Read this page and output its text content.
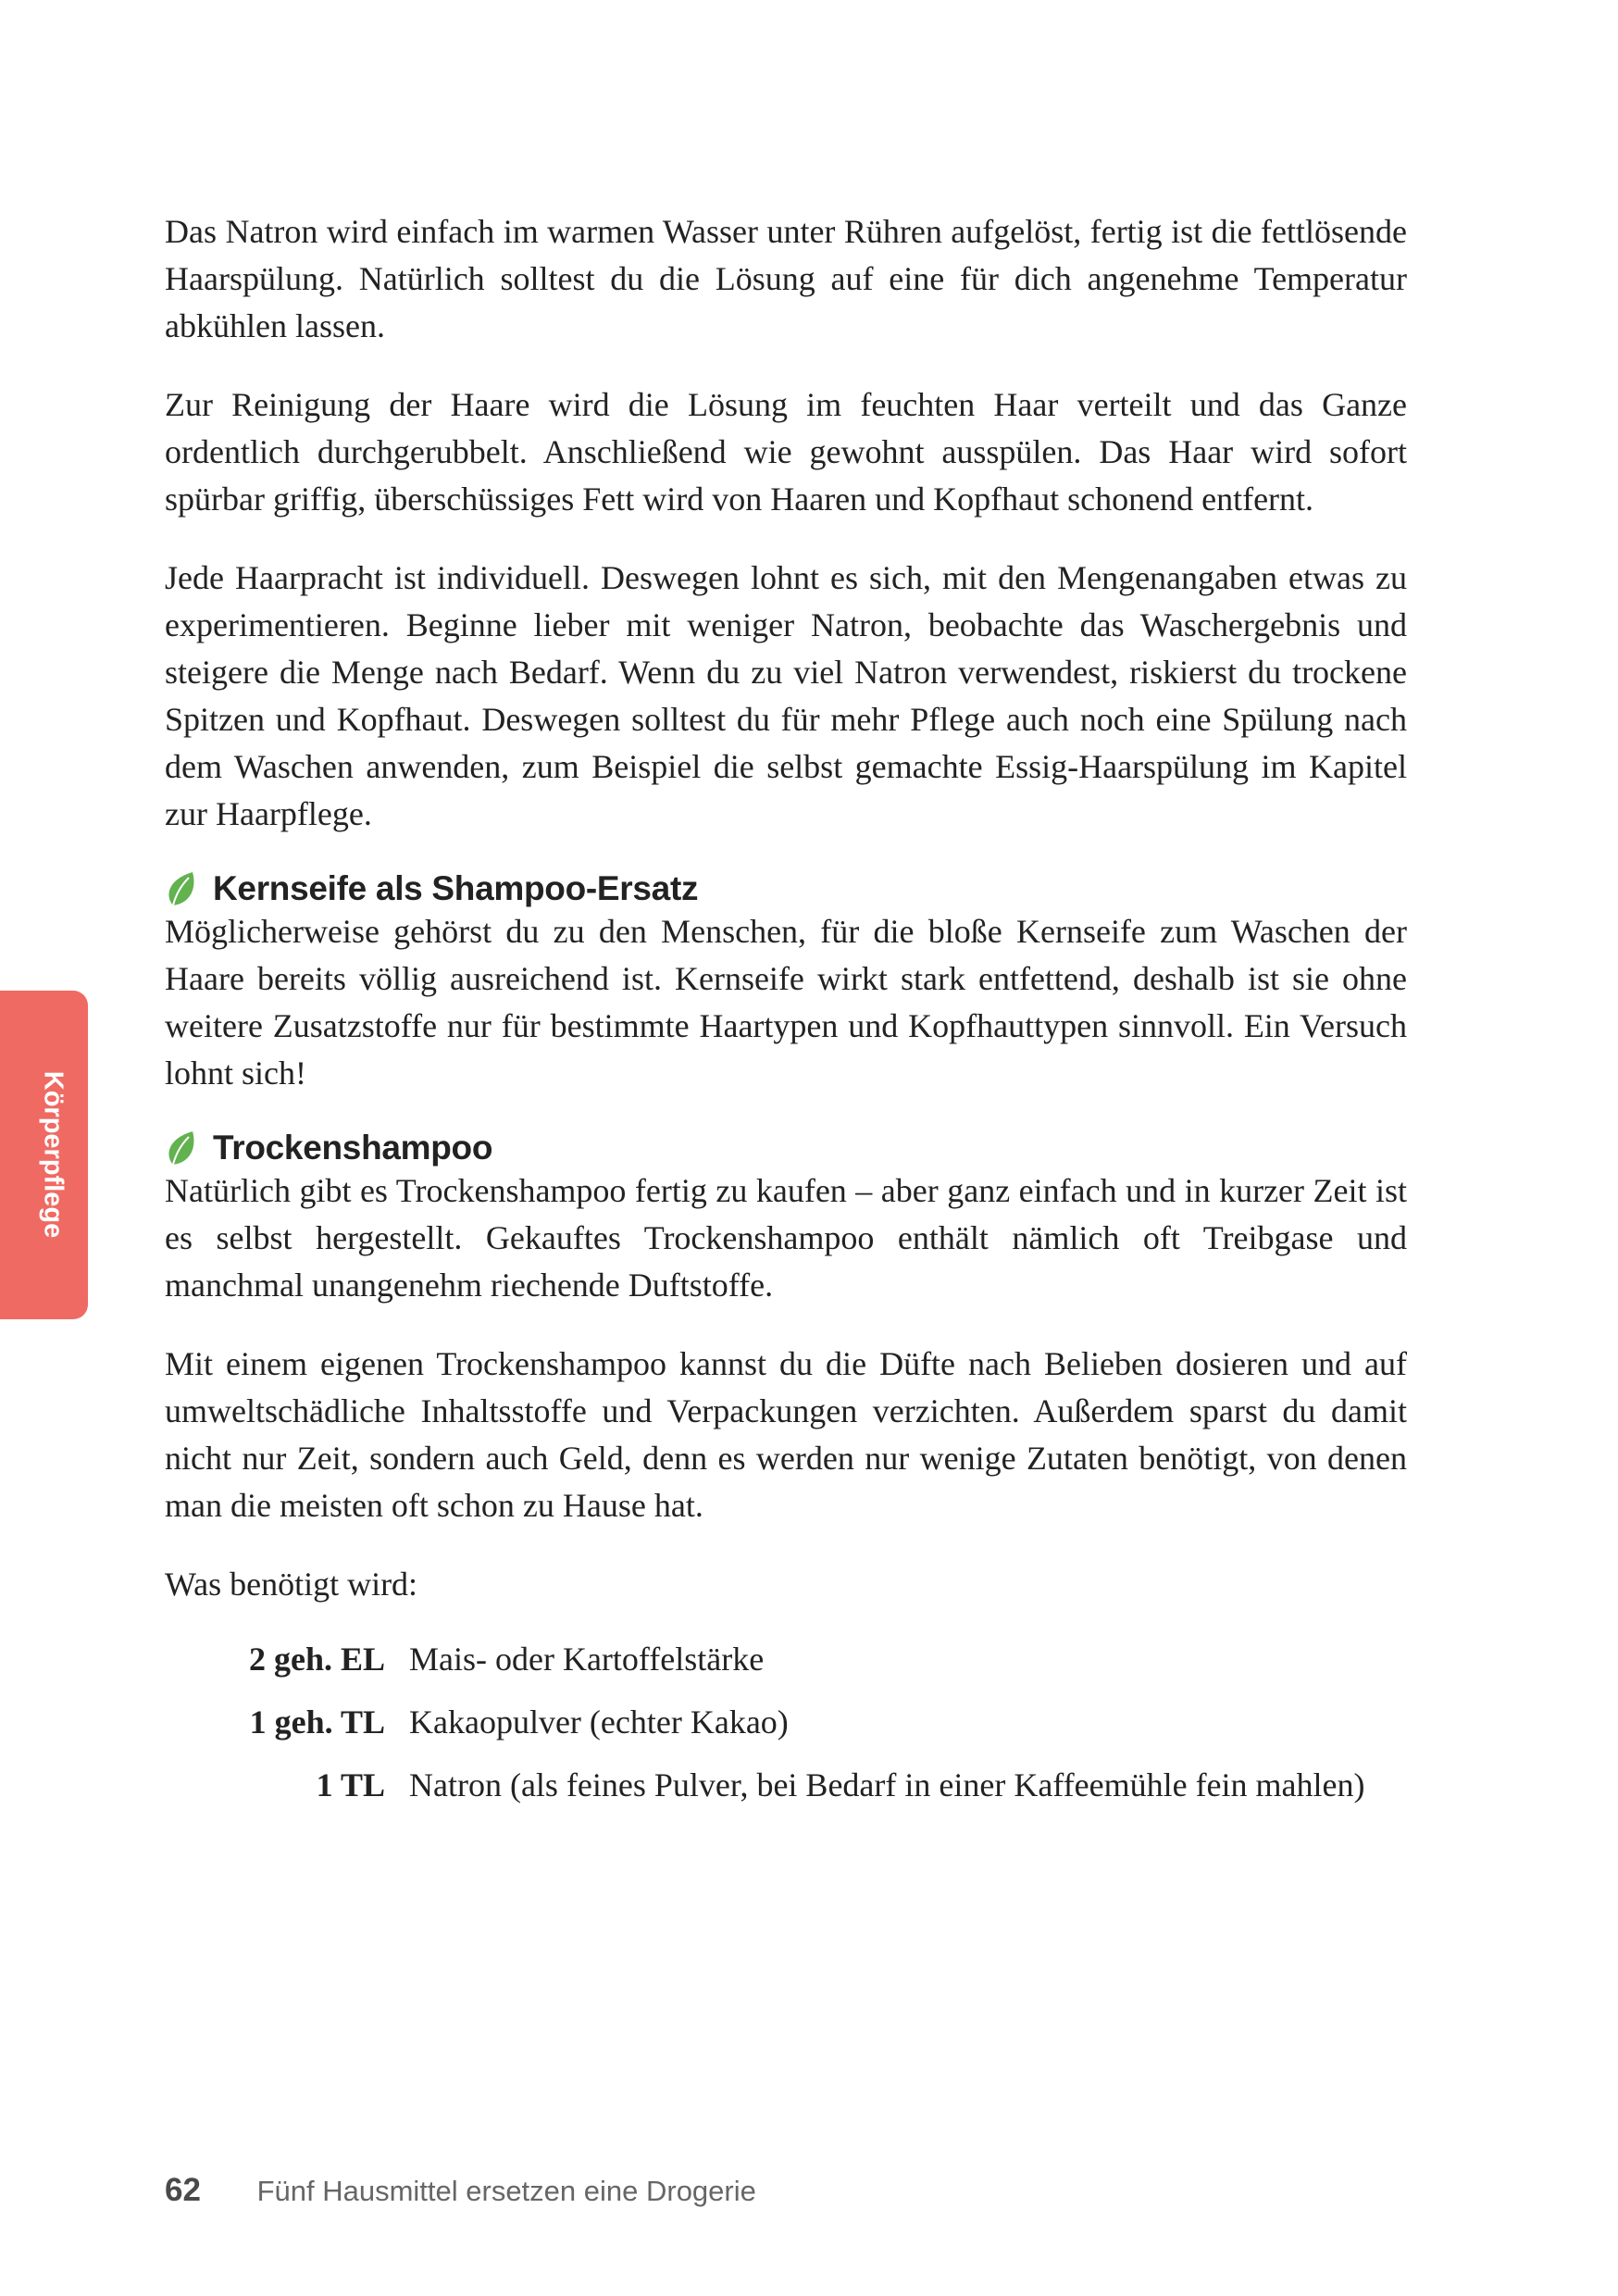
Körperpflege

Das Natron wird einfach im warmen Wasser unter Rühren aufgelöst, fertig ist die fettlösende Haarspülung. Natürlich solltest du die Lösung auf eine für dich angenehme Temperatur abkühlen lassen.

Zur Reinigung der Haare wird die Lösung im feuchten Haar verteilt und das Ganze ordentlich durchgerubbelt. Anschließend wie gewohnt ausspülen. Das Haar wird sofort spürbar griffig, überschüssiges Fett wird von Haaren und Kopfhaut schonend entfernt.

Jede Haarpracht ist individuell. Deswegen lohnt es sich, mit den Mengenangaben etwas zu experimentieren. Beginne lieber mit weniger Natron, beobachte das Waschergebnis und steigere die Menge nach Bedarf. Wenn du zu viel Natron verwendest, riskierst du trockene Spitzen und Kopfhaut. Deswegen solltest du für mehr Pflege auch noch eine Spülung nach dem Waschen anwenden, zum Beispiel die selbst gemachte Essig-Haarspülung im Kapitel zur Haarpflege.

Kernseife als Shampoo-Ersatz

Möglicherweise gehörst du zu den Menschen, für die bloße Kernseife zum Waschen der Haare bereits völlig ausreichend ist. Kernseife wirkt stark entfettend, deshalb ist sie ohne weitere Zusatzstoffe nur für bestimmte Haartypen und Kopfhauttypen sinnvoll. Ein Versuch lohnt sich!

Trockenshampoo

Natürlich gibt es Trockenshampoo fertig zu kaufen – aber ganz einfach und in kurzer Zeit ist es selbst hergestellt. Gekauftes Trockenshampoo enthält nämlich oft Treibgase und manchmal unangenehm riechende Duftstoffe.

Mit einem eigenen Trockenshampoo kannst du die Düfte nach Belieben dosieren und auf umweltschädliche Inhaltsstoffe und Verpackungen verzichten. Außerdem sparst du damit nicht nur Zeit, sondern auch Geld, denn es werden nur wenige Zutaten benötigt, von denen man die meisten oft schon zu Hause hat.

Was benötigt wird:

2 geh. EL Mais- oder Kartoffelstärke
1 geh. TL Kakaopulver (echter Kakao)
1 TL Natron (als feines Pulver, bei Bedarf in einer Kaffeemühle fein mahlen)
62 Fünf Hausmittel ersetzen eine Drogerie
